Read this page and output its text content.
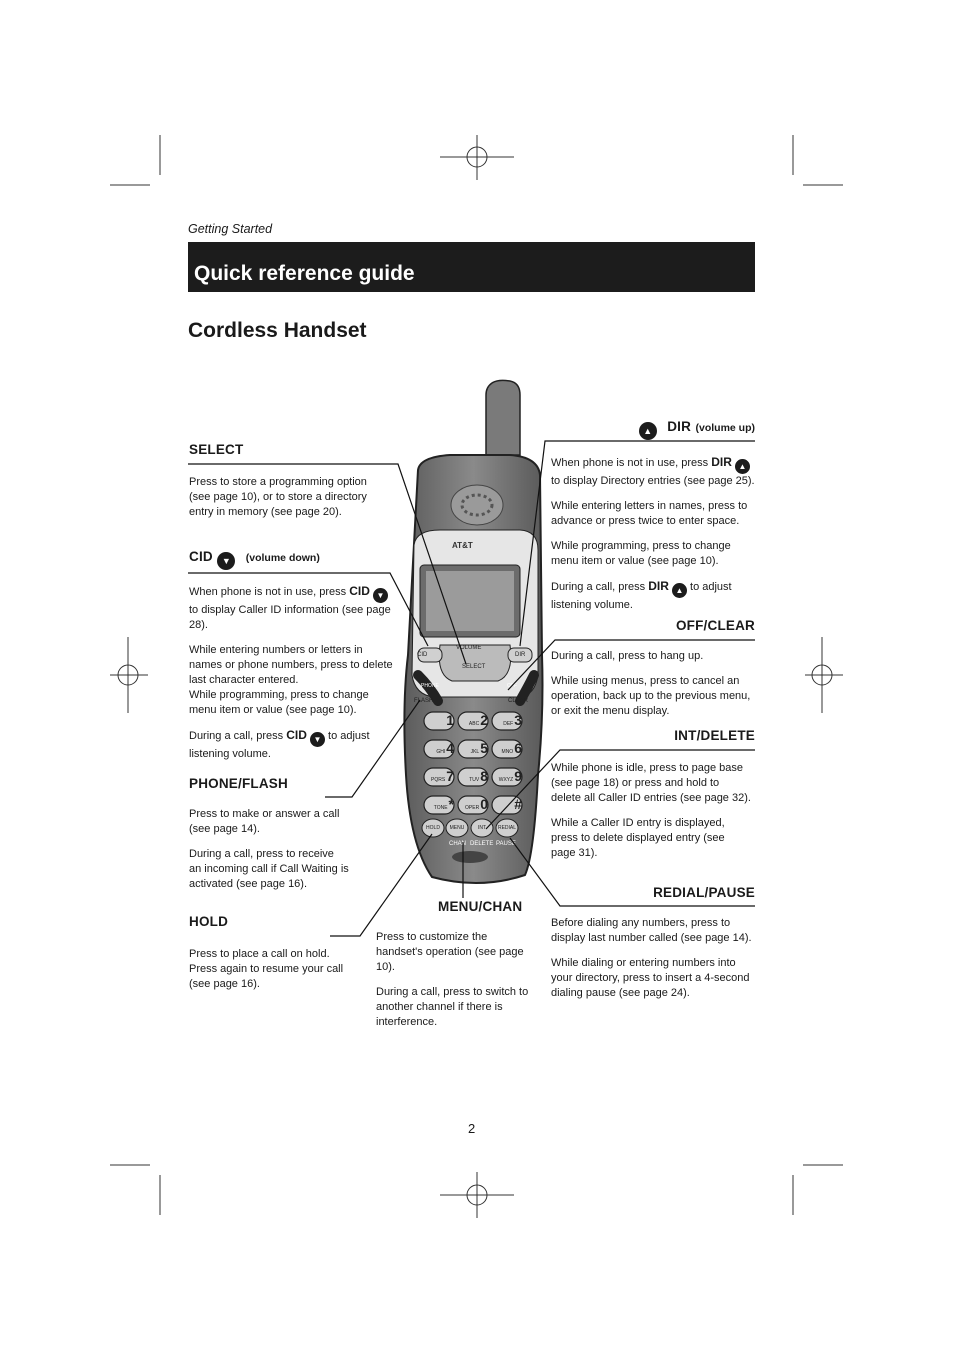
Getting Started
Quick reference guide
Cordless Handset
AT&T
VOLUME
CID	DIR
SELECT
PHONE
FLASH
OFF
CLEAR
1	ABC2	DEF3
GHI4	JKL5	MNO6
PQRS7	TUV8	WXYZ9
TONE*	OPER0	#
HOLD	MENU	INT	REDIAL
CHAN DELETE PAUSE
SELECT

Press to store a programming option (see page 10), or to store a directory entry in memory (see page 20).

CID ▼ (volume down)

When phone is not in use, press CID ▼ to display Caller ID information (see page 28).

While entering numbers or letters in names or phone numbers, press to delete last character entered.

While programming, press to change menu item or value (see page 10).

During a call, press CID ▼ to adjust listening volume.

PHONE/FLASH

Press to make or answer a call (see page 14).

During a call, press to receive an incoming call if Call Waiting is activated (see page 16).

HOLD

Press to place a call on hold. Press again to resume your call (see page 16).

MENU/CHAN

Press to customize the handset's operation (see page 10).

During a call, press to switch to another channel if there is interference.

▲ DIR (volume up)

When phone is not in use, press DIR ▲ to display Directory entries (see page 25).

While entering letters in names, press to advance or press twice to enter space.

While programming, press to change menu item or value (see page 10).

During a call, press DIR ▲ to adjust listening volume.

OFF/CLEAR

During a call, press to hang up.

While using menus, press to cancel an operation, back up to the previous menu, or exit the menu display.

INT/DELETE

While phone is idle, press to page base (see page 18) or press and hold to delete all Caller ID entries (see page 32).

While a Caller ID entry is displayed, press to delete displayed entry (see page 31).

REDIAL/PAUSE

Before dialing any numbers, press to display last number called (see page 14).

While dialing or entering numbers into your directory, press to insert a 4-second dialing pause (see page 24).

2
